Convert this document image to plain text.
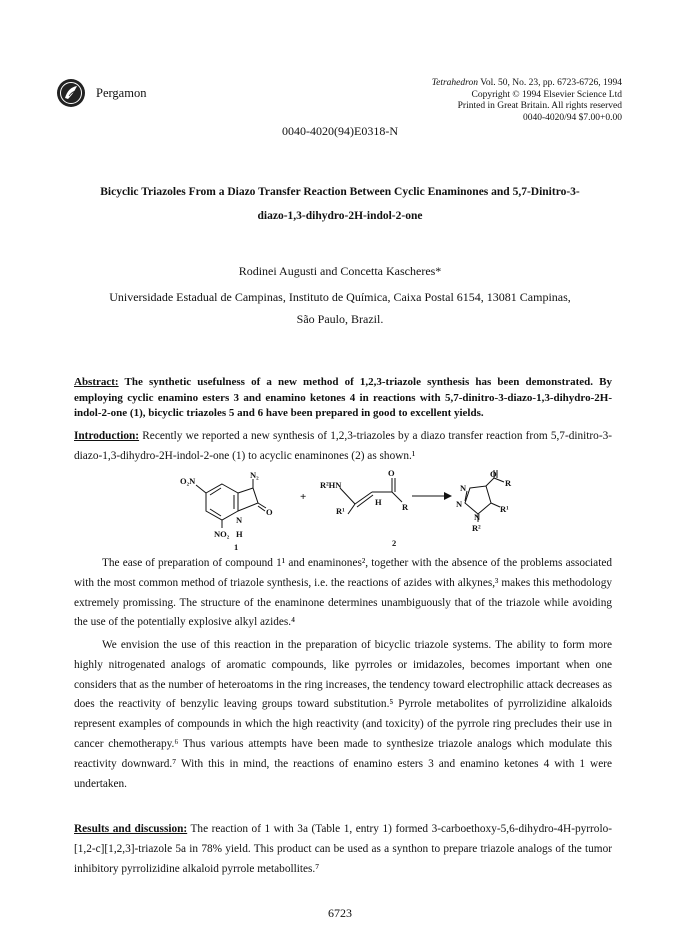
Pergamon
Tetrahedron Vol. 50, No. 23, pp. 6723-6726, 1994
Copyright © 1994 Elsevier Science Ltd
Printed in Great Britain. All rights reserved
0040-4020/94 $7.00+0.00
0040-4020(94)E0318-N
Bicyclic Triazoles From a Diazo Transfer Reaction Between Cyclic Enaminones and 5,7-Dinitro-3-
diazo-1,3-dihydro-2H-indol-2-one
Rodinei Augusti and Concetta Kascheres*
Universidade Estadual de Campinas, Instituto de Química, Caixa Postal 6154, 13081 Campinas,
São Paulo, Brazil.
Abstract: The synthetic usefulness of a new method of 1,2,3-triazole synthesis has been demonstrated. By employing cyclic enamino esters 3 and enamino ketones 4 in reactions with 5,7-dinitro-3-diazo-1,3-dihydro-2H-indol-2-one (1), bicyclic triazoles 5 and 6 have been prepared in good to excellent yields.
Introduction: Recently we reported a new synthesis of 1,2,3-triazoles by a diazo transfer reaction from 5,7-dinitro-3-diazo-1,3-dihydro-2H-indol-2-one (1) to acyclic enaminones (2) as shown.¹
O₂N
N₂
O
N
NO₂ H
1
+
R²HN
O
R
R¹
H
2
N
N
N
O
R
R¹
R²
The ease of preparation of compound 1¹ and enaminones², together with the absence of the problems associated with the most common method of triazole synthesis, i.e. the reactions of azides with alkynes,³ makes this methodology extremely promissing. The structure of the enaminone determines unambiguously that of the triazole while avoiding the use of the potentially explosive alkyl azides.⁴
We envision the use of this reaction in the preparation of bicyclic triazole systems. The ability to form more highly nitrogenated analogs of aromatic compounds, like pyrroles or imidazoles, becomes important when one considers that as the number of heteroatoms in the ring increases, the tendency toward electrophilic attack decreases as does the reactivity of benzylic leaving groups toward substitution.⁵ Pyrrole metabolites of pyrrolizidine alkaloids represent examples of compounds in which the high reactivity (and toxicity) of the pyrrole ring precludes their use in cancer chemotherapy.⁶ Thus various attempts have been made to synthesize triazole analogs which modulate this reactivity downward.⁷ With this in mind, the reactions of enamino esters 3 and enamino ketones 4 with 1 were undertaken.
Results and discussion: The reaction of 1 with 3a (Table 1, entry 1) formed 3-carboethoxy-5,6-dihydro-4H-pyrrolo-[1,2-c][1,2,3]-triazole 5a in 78% yield. This product can be used as a synthon to prepare triazole analogs of the tumor inhibitory pyrrolizidine alkaloid pyrrole metabollites.⁷
6723
